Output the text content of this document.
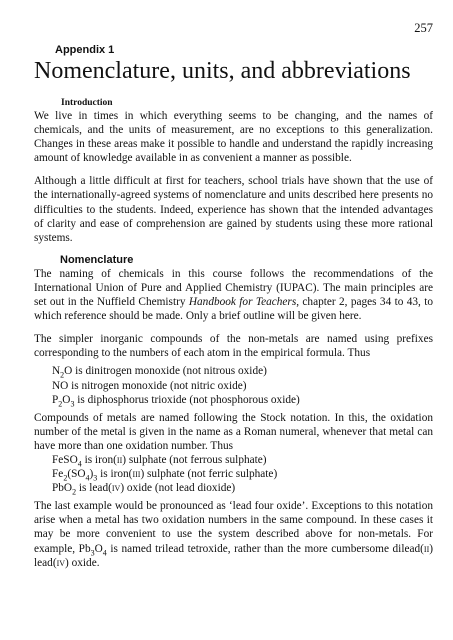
257
Appendix 1
Nomenclature, units, and abbreviations
Introduction

We live in times in which everything seems to be changing, and the names of chemicals, and the units of measurement, are no exceptions to this generalization. Changes in these areas make it possible to handle and understand the rapidly increasing amount of knowledge available in as convenient a manner as possible.

Although a little difficult at first for teachers, school trials have shown that the use of the internationally-agreed systems of nomenclature and units described here presents no difficulties to the students. Indeed, experience has shown that the intended advantages of clarity and ease of comprehension are gained by students using these more rational systems.

Nomenclature

The naming of chemicals in this course follows the recommendations of the International Union of Pure and Applied Chemistry (IUPAC). The main principles are set out in the Nuffield Chemistry Handbook for Teachers, chapter 2, pages 34 to 43, to which reference should be made. Only a brief outline will be given here.

The simpler inorganic compounds of the non-metals are named using prefixes corresponding to the numbers of each atom in the empirical formula. Thus

$N_2O$ is dinitrogen monoxide (not nitrous oxide)

NO is nitrogen monoxide (not nitric oxide)

$P_2O_3$ is diphosphorus trioxide (not phosphorous oxide)

Compounds of metals are named following the Stock notation. In this, the oxidation number of the metal is given in the name as a Roman numeral, whenever that metal can have more than one oxidation number. Thus

FeSO$_4$ is iron(ii) sulphate (not ferrous sulphate)

$Fe_2(SO_4)_3$ is iron(iii) sulphate (not ferric sulphate)

PbO$_2$ is lead(iv) oxide (not lead dioxide)

The last example would be pronounced as ‘lead four oxide’. Exceptions to this notation arise when a metal has two oxidation numbers in the same compound. In these cases it may be more convenient to use the system described above for non-metals. For example, $Pb_3O_4$ is named trilead tetroxide, rather than the more cumbersome dilead(ii) lead(iv) oxide.
